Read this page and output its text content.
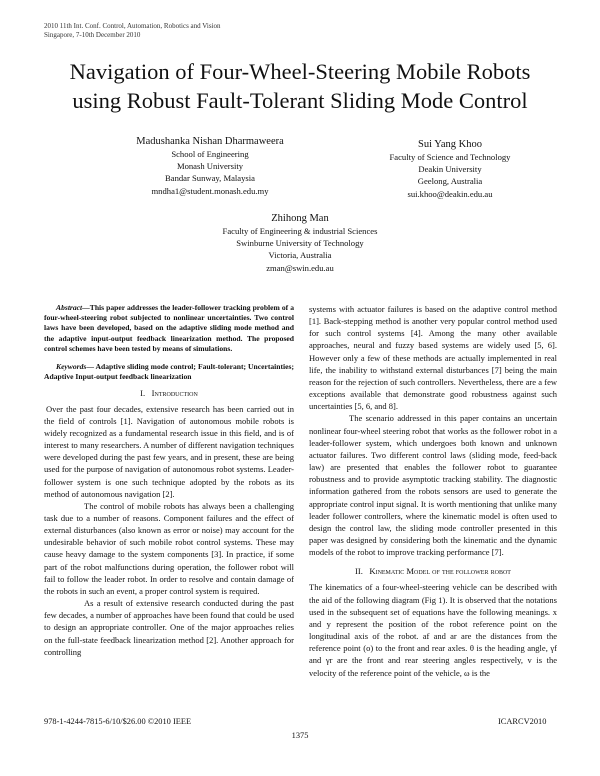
2010 11th Int. Conf. Control, Automation, Robotics and Vision
Singapore, 7-10th December 2010
Navigation of Four-Wheel-Steering Mobile Robots
using Robust Fault-Tolerant Sliding Mode Control
Madushanka Nishan Dharmaweera
School of Engineering
Monash University
Bandar Sunway, Malaysia
mndha1@student.monash.edu.my
Sui Yang Khoo
Faculty of Science and Technology
Deakin University
Geelong, Australia
sui.khoo@deakin.edu.au
Zhihong Man
Faculty of Engineering & industrial Sciences
Swinburne University of Technology
Victoria, Australia
zman@swin.edu.au

Abstract—This paper addresses the leader-follower tracking problem of a four-wheel-steering robot subjected to nonlinear uncertainties. Two control laws have been developed, based on the adaptive sliding mode method and the adaptive input-output feedback linearization method. The proposed control schemes have been tested by means of simulations.

Keywords— Adaptive sliding mode control; Fault-tolerant; Uncertainties; Adaptive Input-output feedback linearization

I. Introduction

Over the past four decades, extensive research has been carried out in the field of controls [1]. Navigation of autonomous mobile robots is widely recognized as a fundamental research issue in this field, and is of interest to many researchers. A number of different navigation techniques were developed during the past few years, and in present, these are being used for the purpose of navigation of autonomous robot systems. Leader-follower system is one such technique adopted by the robots as its method of autonomous navigation [2].

The control of mobile robots has always been a challenging task due to a number of reasons. Component failures and the effect of external disturbances (also known as error or noise) may account for the undesirable behavior of such mobile robot control systems. These may cause heavy damage to the system components [3]. In practice, if some part of the robot malfunctions during operation, the follower robot will fail to follow the leader robot. In order to resolve and contain damage of the robots in such an event, a proper control system is required.

As a result of extensive research conducted during the past few decades, a number of approaches have been found that could be used to design an appropriate controller. One of the major approaches relies on the full-state feedback linearization method [2]. Another approach for controlling

systems with actuator failures is based on the adaptive control method [1]. Back-stepping method is another very popular control method used for such control systems [4]. Among the many other available approaches, neural and fuzzy based systems are widely used [5, 6]. However only a few of these methods are actually implemented in real life, the inability to withstand external disturbances [7] being the main reason for the rejection of such controllers. Nevertheless, there are a few exceptions available that demonstrate good robustness against such uncertainties [5, 6, and 8].

The scenario addressed in this paper contains an uncertain nonlinear four-wheel steering robot that works as the follower robot in a leader-follower system, which undergoes both known and unknown actuator failures. Two different control laws (sliding mode, feed-back law) are presented that enables the follower robot to guarantee robustness and to provide asymptotic tracking stability. The diagnostic information gathered from the robots sensors are used to generate the appropriate control input signal. It is worth mentioning that unlike many leader follower controllers, where the kinematic model is often used to design the control law, the sliding mode controller presented in this paper was designed by considering both the kinematic and the dynamic models of the robot to improve tracking performance [7].

II. Kinematic Model of the follower robot

The kinematics of a four-wheel-steering vehicle can be described with the aid of the following diagram (Fig 1). It is observed that the notations used in the subsequent set of equations have the following meanings. x and y represent the position of the robot reference point on the longitudinal axis of the robot. af and ar are the distances from the reference point (o) to the front and rear axles. θ is the heading angle, γf and γr are the front and rear steering angles respectively, v is the velocity of the reference point of the vehicle, ω is the

978-1-4244-7815-6/10/$26.00 ©2010 IEEE	ICARCV2010
1375
